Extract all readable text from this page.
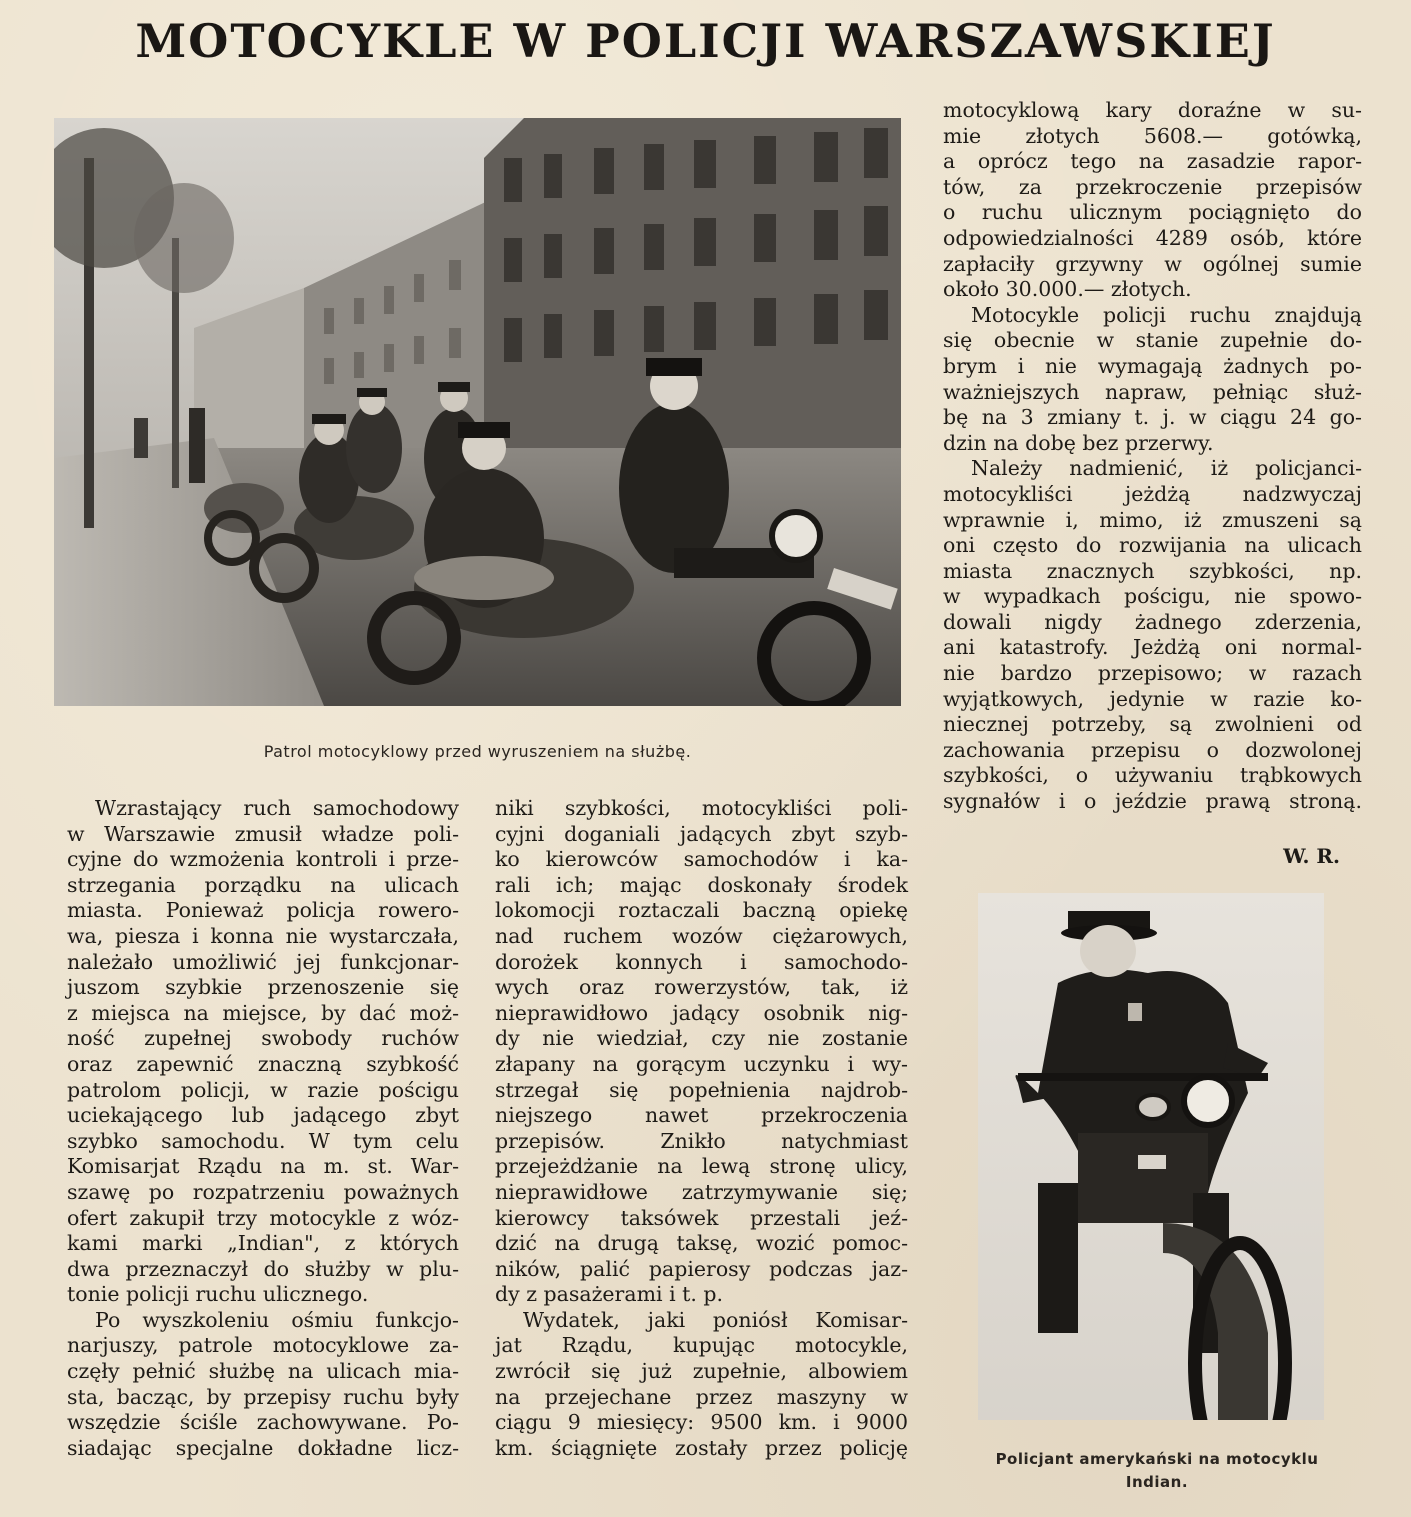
MOTOCYKLE W POLICJI WARSZAWSKIEJ
Patrol motocyklowy przed wyruszeniem na służbę.
Wzrastający ruch samochodowy
w Warszawie zmusił władze poli-
cyjne do wzmożenia kontroli i prze-
strzegania porządku na ulicach
miasta. Ponieważ policja rowero-
wa, piesza i konna nie wystarczała,
należało umożliwić jej funkcjonar-
juszom szybkie przenoszenie się
z miejsca na miejsce, by dać moż-
ność zupełnej swobody ruchów
oraz zapewnić znaczną szybkość
patrolom policji, w razie pościgu
uciekającego lub jadącego zbyt
szybko samochodu. W tym celu
Komisarjat Rządu na m. st. War-
szawę po rozpatrzeniu poważnych
ofert zakupił trzy motocykle z wóz-
kami marki „Indian", z których
dwa przeznaczył do służby w plu-
tonie policji ruchu ulicznego.
Po wyszkoleniu ośmiu funkcjo-
narjuszy, patrole motocyklowe za-
częły pełnić służbę na ulicach mia-
sta, bacząc, by przepisy ruchu były
wszędzie ściśle zachowywane. Po-
siadając specjalne dokładne licz-
niki szybkości, motocykliści poli-
cyjni doganiali jadących zbyt szyb-
ko kierowców samochodów i ka-
rali ich; mając doskonały środek
lokomocji roztaczali baczną opiekę
nad ruchem wozów ciężarowych,
dorożek konnych i samochodo-
wych oraz rowerzystów, tak, iż
nieprawidłowo jadący osobnik nig-
dy nie wiedział, czy nie zostanie
złapany na gorącym uczynku i wy-
strzegał się popełnienia najdrob-
niejszego nawet przekroczenia
przepisów. Znikło natychmiast
przejeżdżanie na lewą stronę ulicy,
nieprawidłowe zatrzymywanie się;
kierowcy taksówek przestali jeź-
dzić na drugą taksę, wozić pomoc-
ników, palić papierosy podczas jaz-
dy z pasażerami i t. p.
Wydatek, jaki poniósł Komisar-
jat Rządu, kupując motocykle,
zwrócił się już zupełnie, albowiem
na przejechane przez maszyny w
ciągu 9 miesięcy: 9500 km. i 9000
km. ściągnięte zostały przez policję
motocyklową kary doraźne w su-
mie złotych 5608.— gotówką,
a oprócz tego na zasadzie rapor-
tów, za przekroczenie przepisów
o ruchu ulicznym pociągnięto do
odpowiedzialności 4289 osób, które
zapłaciły grzywny w ogólnej sumie
około 30.000.— złotych.
Motocykle policji ruchu znajdują
się obecnie w stanie zupełnie do-
brym i nie wymagają żadnych po-
ważniejszych napraw, pełniąc służ-
bę na 3 zmiany t. j. w ciągu 24 go-
dzin na dobę bez przerwy.
Należy nadmienić, iż policjanci-
motocykliści jeżdżą nadzwyczaj
wprawnie i, mimo, iż zmuszeni są
oni często do rozwijania na ulicach
miasta znacznych szybkości, np.
w wypadkach pościgu, nie spowo-
dowali nigdy żadnego zderzenia,
ani katastrofy. Jeżdżą oni normal-
nie bardzo przepisowo; w razach
wyjątkowych, jedynie w razie ko-
niecznej potrzeby, są zwolnieni od
zachowania przepisu o dozwolonej
szybkości, o używaniu trąbkowych
sygnałów i o jeździe prawą stroną.
W. R.
Policjant amerykański na motocyklu
Indian.
